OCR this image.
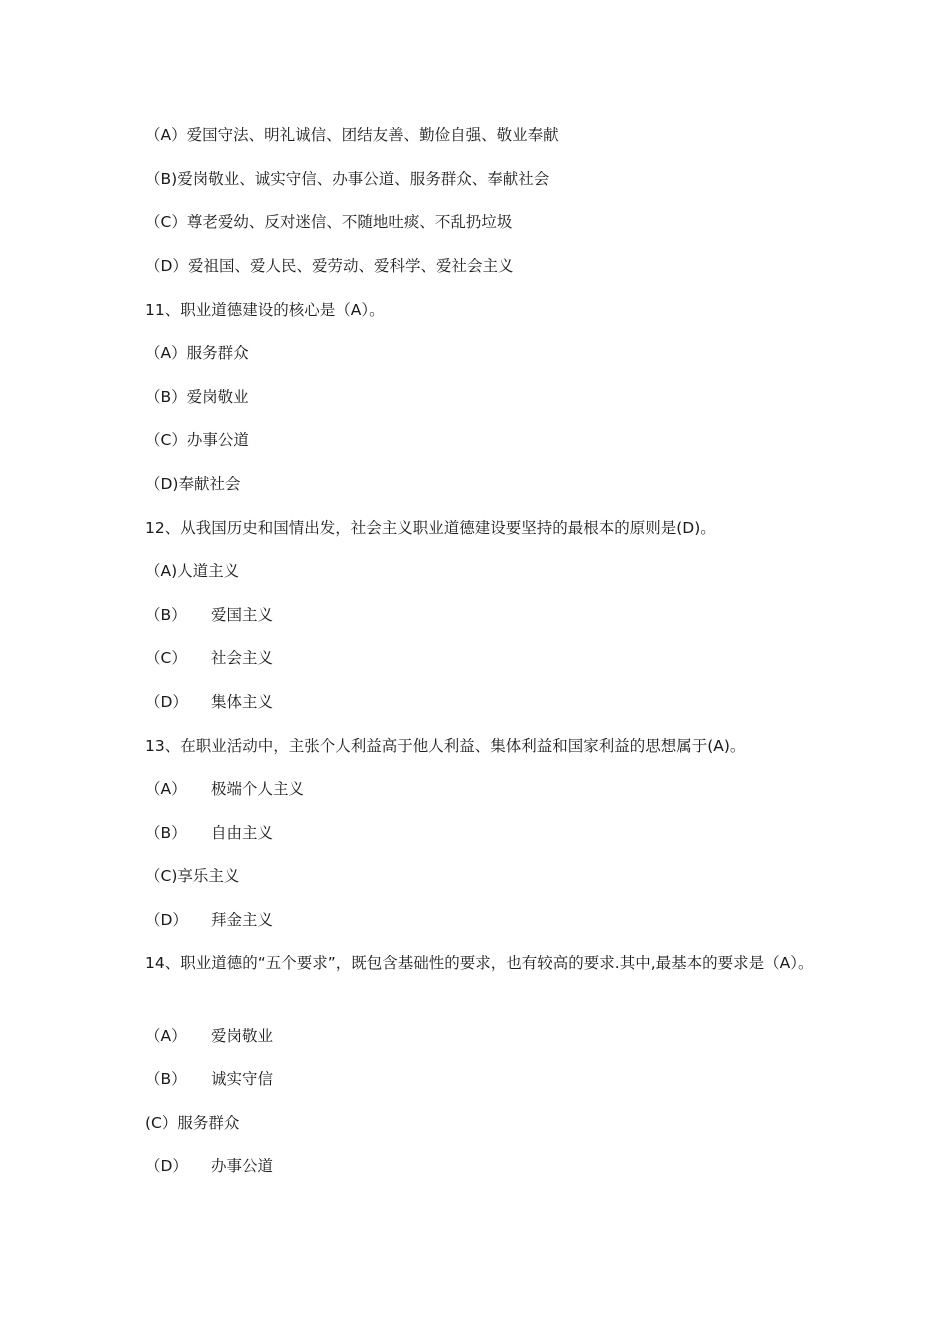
（A）爱国守法、明礼诚信、团结友善、勤俭自强、敬业奉献
（B)爱岗敬业、诚实守信、办事公道、服务群众、奉献社会
（C）尊老爱幼、反对迷信、不随地吐痰、不乱扔垃圾
（D）爱祖国、爱人民、爱劳动、爱科学、爱社会主义
11、职业道德建设的核心是（A）。
（A）服务群众
（B）爱岗敬业
（C）办事公道
（D)奉献社会
12、从我国历史和国情出发，社会主义职业道德建设要坚持的最根本的原则是(D)。
（A)人道主义
（B） 爱国主义
（C） 社会主义
（D） 集体主义
13、在职业活动中，主张个人利益高于他人利益、集体利益和国家利益的思想属于(A)。
（A） 极端个人主义
（B） 自由主义
（C)享乐主义
（D） 拜金主义
14、职业道德的“五个要求”，既包含基础性的要求，也有较高的要求.其中,最基本的要求是（A）。
（A） 爱岗敬业
（B） 诚实守信
(C）服务群众
（D） 办事公道
